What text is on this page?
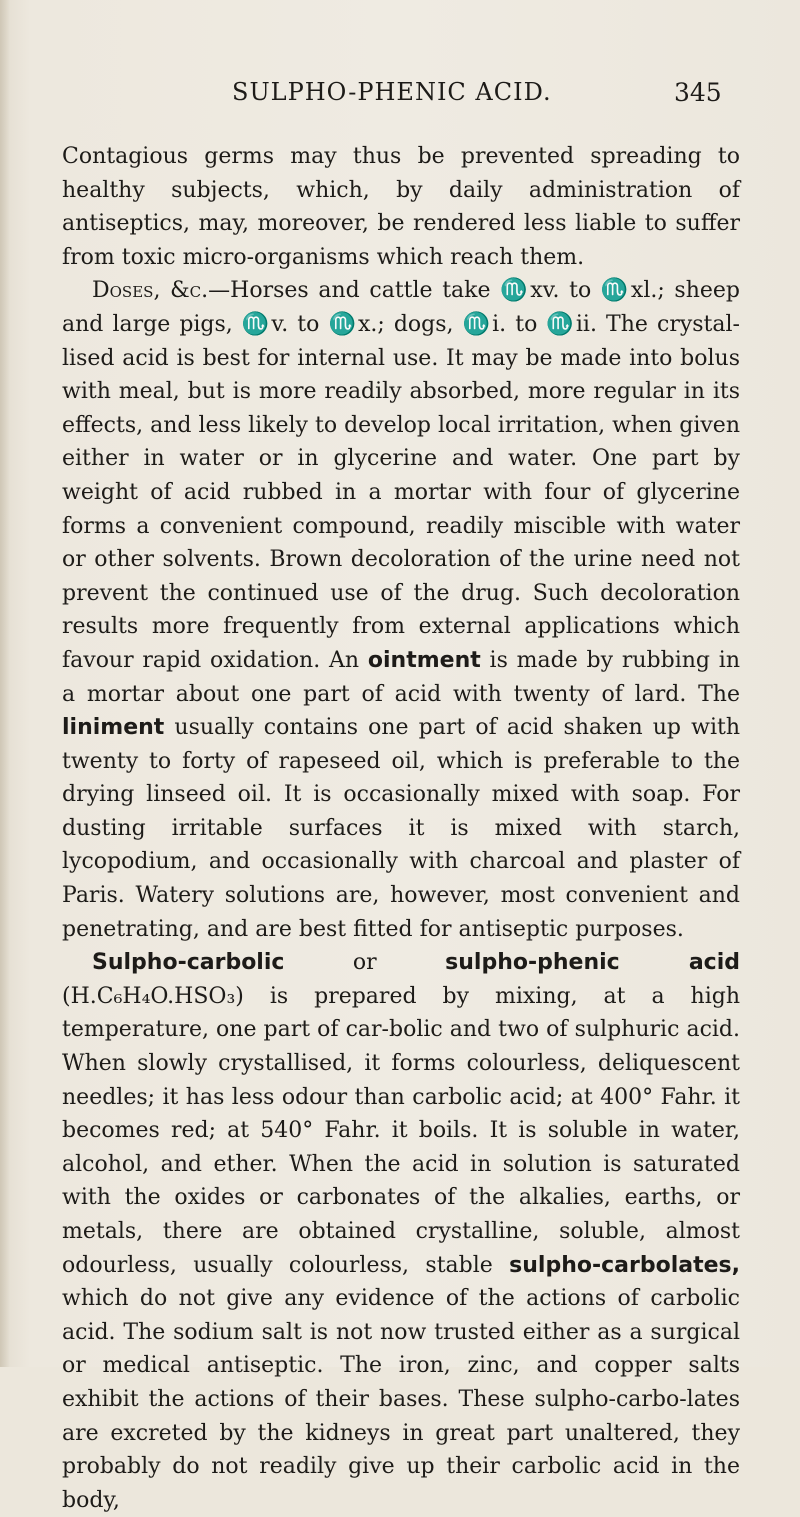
SULPHO-PHENIC ACID.	345

Contagious germs may thus be prevented spreading to healthy subjects, which, by daily administration of antiseptics, may, moreover, be rendered less liable to suffer from toxic micro-organisms which reach them.

Doses, &c.—Horses and cattle take ♏xv. to ♏xl.; sheep and large pigs, ♏v. to ♏x.; dogs, ♏i. to ♏ii. The crystal-lised acid is best for internal use. It may be made into bolus with meal, but is more readily absorbed, more regular in its effects, and less likely to develop local irritation, when given either in water or in glycerine and water. One part by weight of acid rubbed in a mortar with four of glycerine forms a convenient compound, readily miscible with water or other solvents. Brown decoloration of the urine need not prevent the continued use of the drug. Such decoloration results more frequently from external applications which favour rapid oxidation. An ointment is made by rubbing in a mortar about one part of acid with twenty of lard. The liniment usually contains one part of acid shaken up with twenty to forty of rapeseed oil, which is preferable to the drying linseed oil. It is occasionally mixed with soap. For dusting irritable surfaces it is mixed with starch, lycopodium, and occasionally with charcoal and plaster of Paris. Watery solutions are, however, most convenient and penetrating, and are best fitted for antiseptic purposes.

Sulpho-carbolic or sulpho-phenic acid (H.C₆H₄O.HSO₃) is prepared by mixing, at a high temperature, one part of car-bolic and two of sulphuric acid. When slowly crystallised, it forms colourless, deliquescent needles; it has less odour than carbolic acid; at 400° Fahr. it becomes red; at 540° Fahr. it boils. It is soluble in water, alcohol, and ether. When the acid in solution is saturated with the oxides or carbonates of the alkalies, earths, or metals, there are obtained crystalline, soluble, almost odourless, usually colourless, stable sulpho-carbolates, which do not give any evidence of the actions of carbolic acid. The sodium salt is not now trusted either as a surgical or medical antiseptic. The iron, zinc, and copper salts exhibit the actions of their bases. These sulpho-carbo-lates are excreted by the kidneys in great part unaltered, they probably do not readily give up their carbolic acid in the body,
